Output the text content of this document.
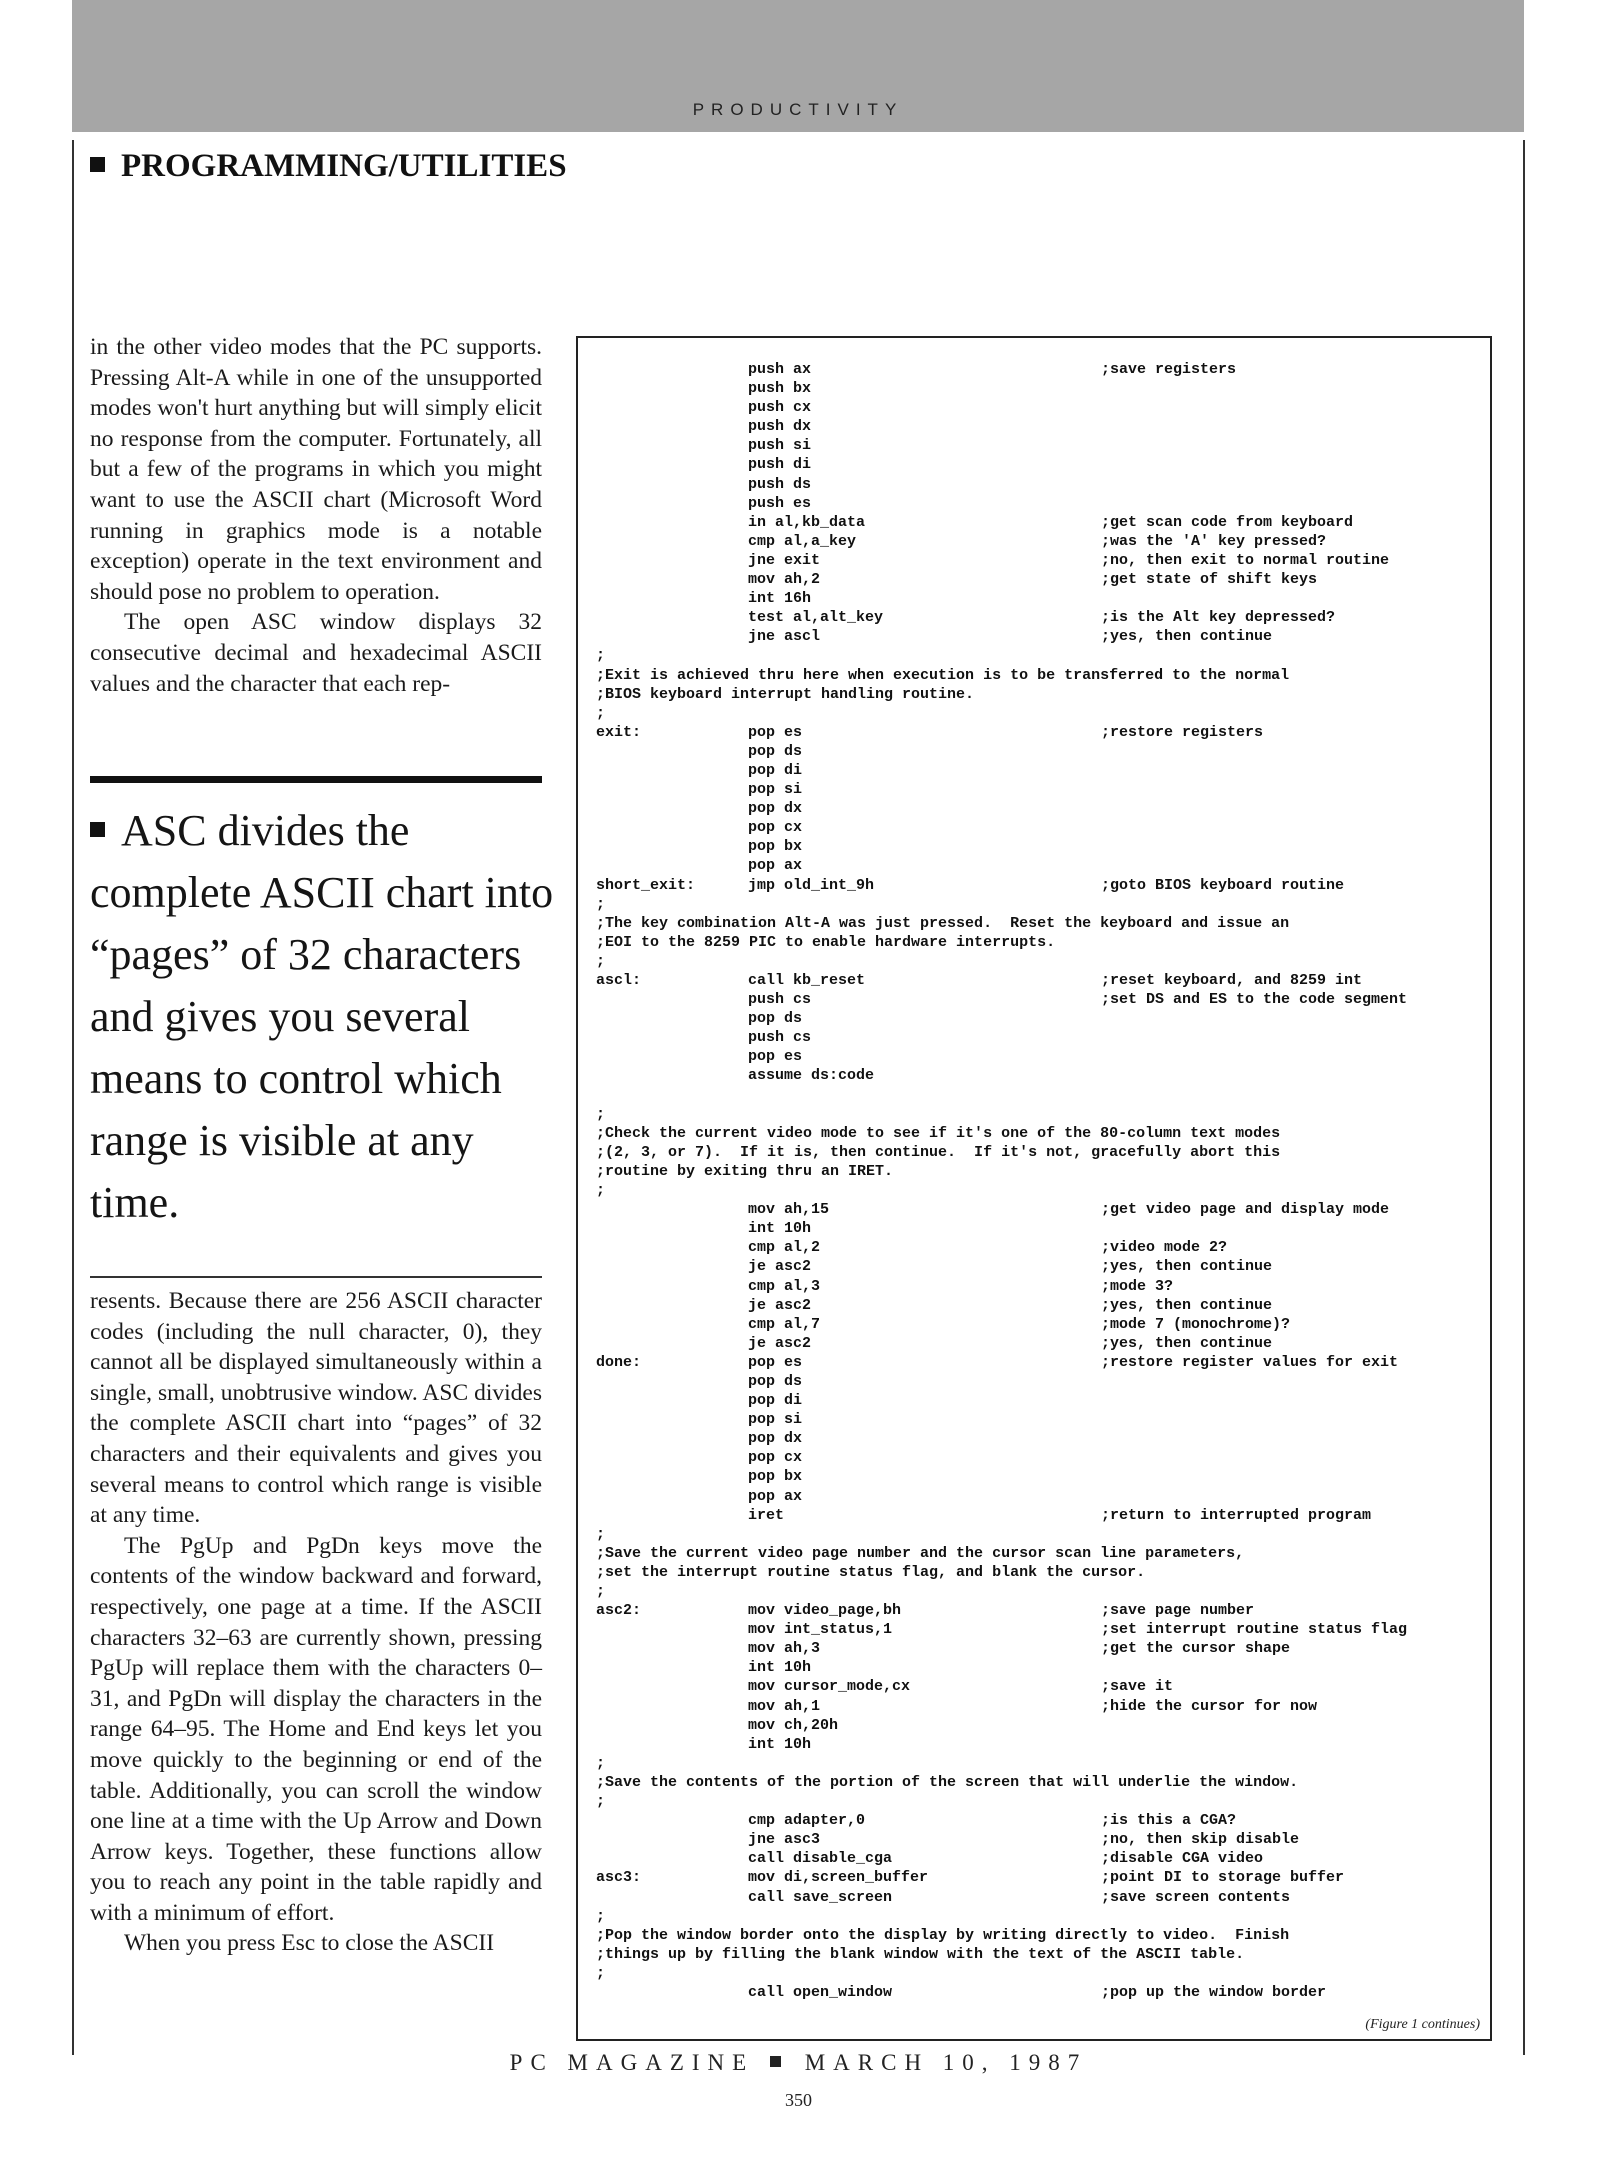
PRODUCTIVITY
PROGRAMMING/UTILITIES

in the other video modes that the PC supports. Pressing Alt-A while in one of the unsupported modes won't hurt anything but will simply elicit no response from the computer. Fortunately, all but a few of the programs in which you might want to use the ASCII chart (Microsoft Word running in graphics mode is a notable exception) operate in the text environment and should pose no problem to operation.

The open ASC window displays 32 consecutive decimal and hexadecimal ASCII values and the character that each rep-

ASC divides the complete ASCII chart into “pages” of 32 characters and gives you several means to control which range is visible at any time.

resents. Because there are 256 ASCII character codes (including the null character, 0), they cannot all be displayed simultaneously within a single, small, unobtrusive window. ASC divides the complete ASCII chart into “pages” of 32 characters and their equivalents and gives you several means to control which range is visible at any time.

The PgUp and PgDn keys move the contents of the window backward and forward, respectively, one page at a time. If the ASCII characters 32–63 are currently shown, pressing PgUp will replace them with the characters 0–31, and PgDn will display the characters in the range 64–95. The Home and End keys let you move quickly to the beginning or end of the table. Additionally, you can scroll the window one line at a time with the Up Arrow and Down Arrow keys. Together, these functions allow you to reach any point in the table rapidly and with a minimum of effort.

When you press Esc to close the ASCII

push ax	;save registers
push bx
push cx
push dx
push si
push di
push ds
push es
in al,kb_data	;get scan code from keyboard
cmp al,a_key	;was the 'A' key pressed?
jne exit	;no, then exit to normal routine
mov ah,2	;get state of shift keys
int 16h
test al,alt_key	;is the Alt key depressed?
jne ascl	;yes, then continue
;
;Exit is achieved thru here when execution is to be transferred to the normal
;BIOS keyboard interrupt handling routine.
;
exit:	pop es	;restore registers
pop ds
pop di
pop si
pop dx
pop cx
pop bx
pop ax
short_exit:	jmp old_int_9h	;goto BIOS keyboard routine
;
;The key combination Alt-A was just pressed.  Reset the keyboard and issue an
;EOI to the 8259 PIC to enable hardware interrupts.
;
ascl:	call kb_reset	;reset keyboard, and 8259 int
push cs	;set DS and ES to the code segment
pop ds
push cs
pop es
assume ds:code
;
;Check the current video mode to see if it's one of the 80-column text modes
;(2, 3, or 7).  If it is, then continue.  If it's not, gracefully abort this
;routine by exiting thru an IRET.
;
mov ah,15	;get video page and display mode
int 10h
cmp al,2	;video mode 2?
je asc2	;yes, then continue
cmp al,3	;mode 3?
je asc2	;yes, then continue
cmp al,7	;mode 7 (monochrome)?
je asc2	;yes, then continue
done:	pop es	;restore register values for exit
pop ds
pop di
pop si
pop dx
pop cx
pop bx
pop ax
iret	;return to interrupted program
;
;Save the current video page number and the cursor scan line parameters,
;set the interrupt routine status flag, and blank the cursor.
;
asc2:	mov video_page,bh	;save page number
mov int_status,1	;set interrupt routine status flag
mov ah,3	;get the cursor shape
int 10h
mov cursor_mode,cx	;save it
mov ah,1	;hide the cursor for now
mov ch,20h
int 10h
;
;Save the contents of the portion of the screen that will underlie the window.
;
cmp adapter,0	;is this a CGA?
jne asc3	;no, then skip disable
call disable_cga	;disable CGA video
asc3:	mov di,screen_buffer	;point DI to storage buffer
call save_screen	;save screen contents
;
;Pop the window border onto the display by writing directly to video.  Finish
;things up by filling the blank window with the text of the ASCII table.
;
call open_window	;pop up the window border
(Figure 1 continues)
PC MAGAZINE MARCH 10, 1987
350
